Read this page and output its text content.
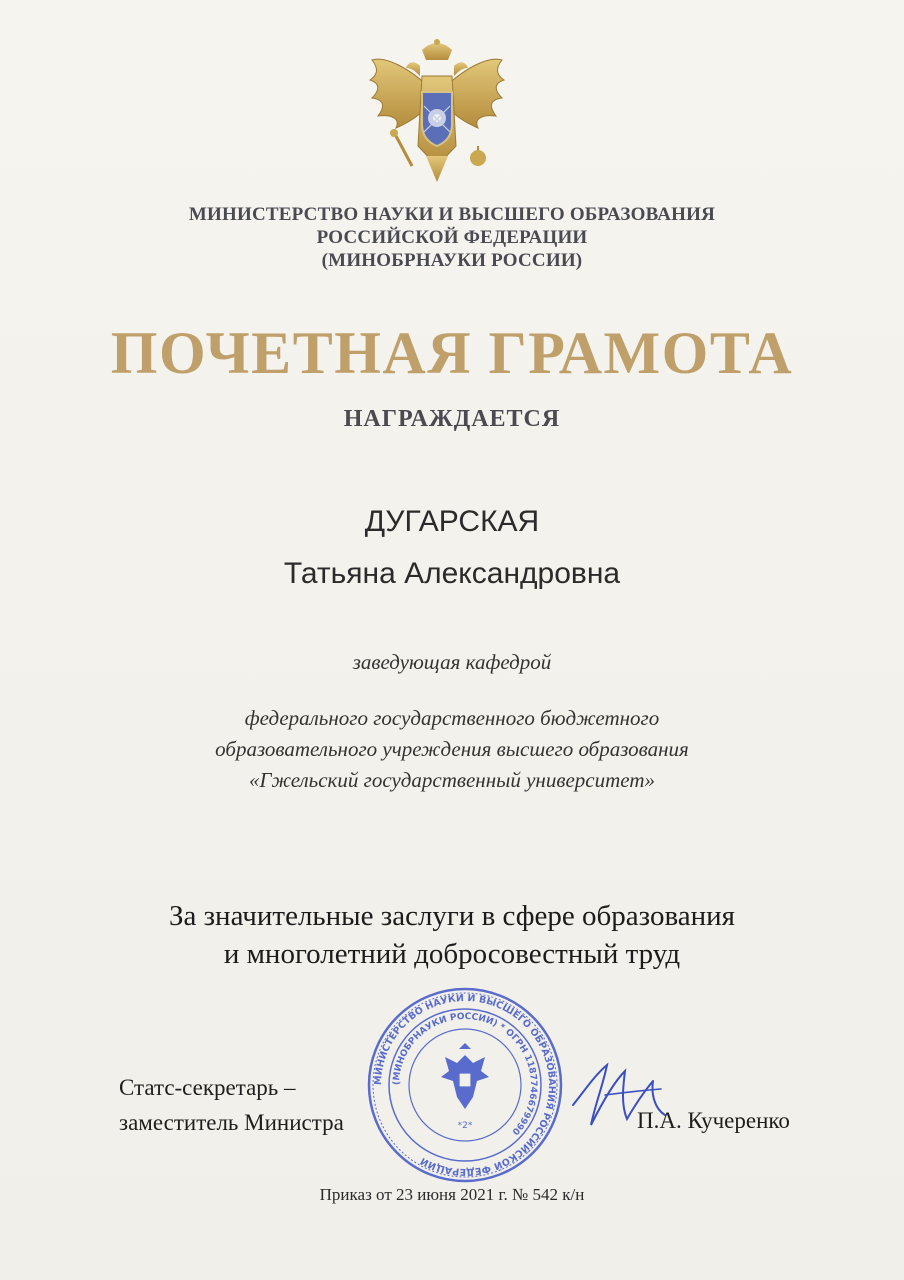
МИНИСТЕРСТВО НАУКИ И ВЫСШЕГО ОБРАЗОВАНИЯ
РОССИЙСКОЙ ФЕДЕРАЦИИ
(МИНОБРНАУКИ РОССИИ)
ПОЧЕТНАЯ ГРАМОТА
НАГРАЖДАЕТСЯ
ДУГАРСКАЯ
Татьяна Александровна
заведующая кафедрой
федерального государственного бюджетного
образовательного учреждения высшего образования
«Гжельский государственный университет»
За значительные заслуги в сфере образования
и многолетний добросовестный труд
Статс-секретарь –
заместитель Министра
МИНИСТЕРСТВО НАУКИ И ВЫСШЕГО ОБРАЗОВАНИЯ РОССИЙСКОЙ ФЕДЕРАЦИИ
(МИНОБРНАУКИ РОССИИ) * ОГРН 1187746679990
*2*	П.А. Кучеренко
Приказ от 23 июня 2021 г. № 542 к/н
